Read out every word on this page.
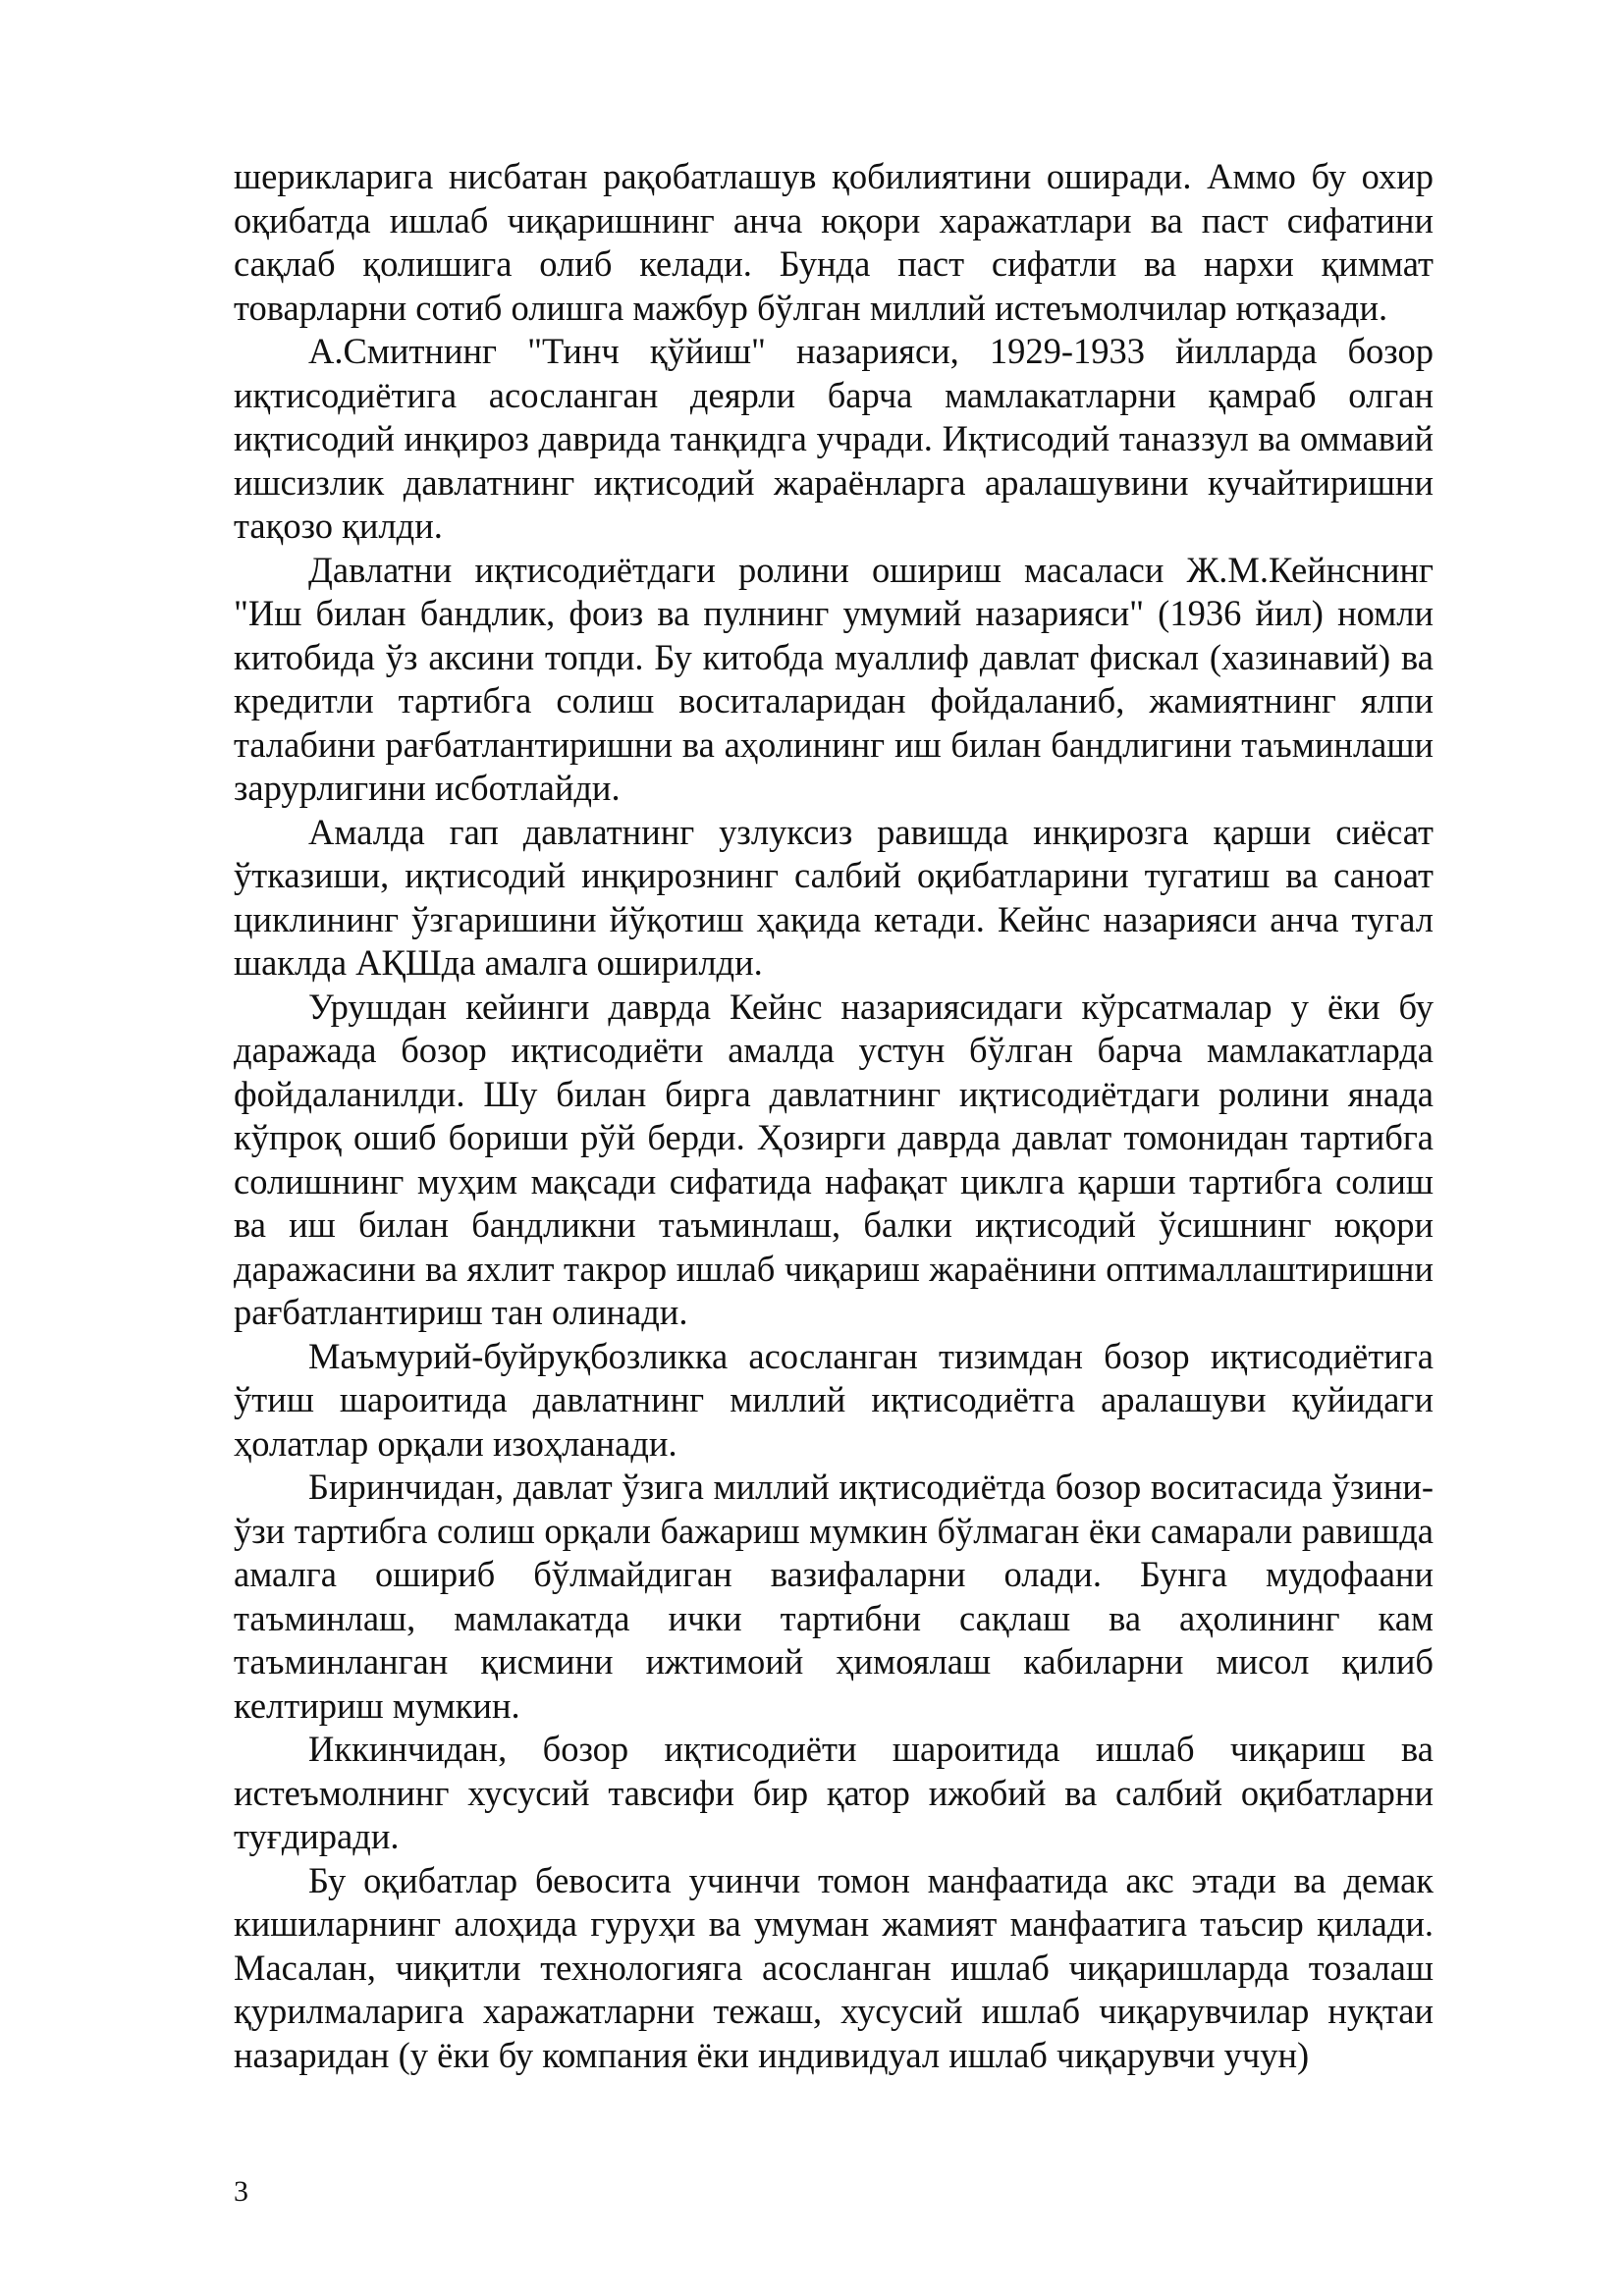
шерикларига нисбатан рақобатлашув қобилиятини оширади. Аммо бу охир оқибатда ишлаб чиқаришнинг анча юқори харажатлари ва паст сифатини сақлаб қолишига олиб келади. Бунда паст сифатли ва нархи қиммат товарларни сотиб олишга мажбур бўлган миллий истеъмолчилар ютқазади.

А.Смитнинг "Тинч қўйиш" назарияси, 1929-1933 йилларда бозор иқтисодиётига асосланган деярли барча мамлакатларни қамраб олган иқтисодий инқироз даврида танқидга учради. Иқтисодий таназзул ва оммавий ишсизлик давлатнинг иқтисодий жараёнларга аралашувини кучайтиришни тақозо қилди.

Давлатни иқтисодиётдаги ролини ошириш масаласи Ж.М.Кейнснинг "Иш билан бандлик, фоиз ва пулнинг умумий назарияси" (1936 йил) номли китобида ўз аксини топди. Бу китобда муаллиф давлат фискал (хазинавий) ва кредитли тартибга солиш воситаларидан фойдаланиб, жамиятнинг ялпи талабини рағбатлантиришни ва аҳолининг иш билан бандлигини таъминлаши зарурлигини исботлайди.

Амалда гап давлатнинг узлуксиз равишда инқирозга қарши сиёсат ўтказиши, иқтисодий инқирознинг салбий оқибатларини тугатиш ва саноат циклининг ўзгаришини йўқотиш ҳақида кетади. Кейнс назарияси анча тугал шаклда АҚШда амалга оширилди.

Урушдан кейинги даврда Кейнс назариясидаги кўрсатмалар у ёки бу даражада бозор иқтисодиёти амалда устун бўлган барча мамлакатларда фойдаланилди. Шу билан бирга давлатнинг иқтисодиётдаги ролини янада кўпроқ ошиб бориши рўй берди. Ҳозирги даврда давлат томонидан тартибга солишнинг муҳим мақсади сифатида нафақат циклга қарши тартибга солиш ва иш билан бандликни таъминлаш, балки иқтисодий ўсишнинг юқори даражасини ва яхлит такрор ишлаб чиқариш жараёнини оптималлаштиришни рағбатлантириш тан олинади.

Маъмурий-буйруқбозликка асосланган тизимдан бозор иқтисодиётига ўтиш шароитида давлатнинг миллий иқтисодиётга аралашуви қуйидаги ҳолатлар орқали изоҳланади.

Биринчидан, давлат ўзига миллий иқтисодиётда бозор воситасида ўзини-ўзи тартибга солиш орқали бажариш мумкин бўлмаган ёки самарали равишда амалга ошириб бўлмайдиган вазифаларни олади. Бунга мудофаани таъминлаш, мамлакатда ички тартибни сақлаш ва аҳолининг кам таъминланган қисмини ижтимоий ҳимоялаш кабиларни мисол қилиб келтириш мумкин.

Иккинчидан, бозор иқтисодиёти шароитида ишлаб чиқариш ва истеъмолнинг хусусий тавсифи бир қатор ижобий ва салбий оқибатларни туғдиради.

Бу оқибатлар бевосита учинчи томон манфаатида акс этади ва демак кишиларнинг алоҳида гуруҳи ва умуман жамият манфаатига таъсир қилади. Масалан, чиқитли технологияга асосланган ишлаб чиқаришларда тозалаш қурилмаларига харажатларни тежаш, хусусий ишлаб чиқарувчилар нуқтаи назаридан (у ёки бу компания ёки индивидуал ишлаб чиқарувчи учун)

3
